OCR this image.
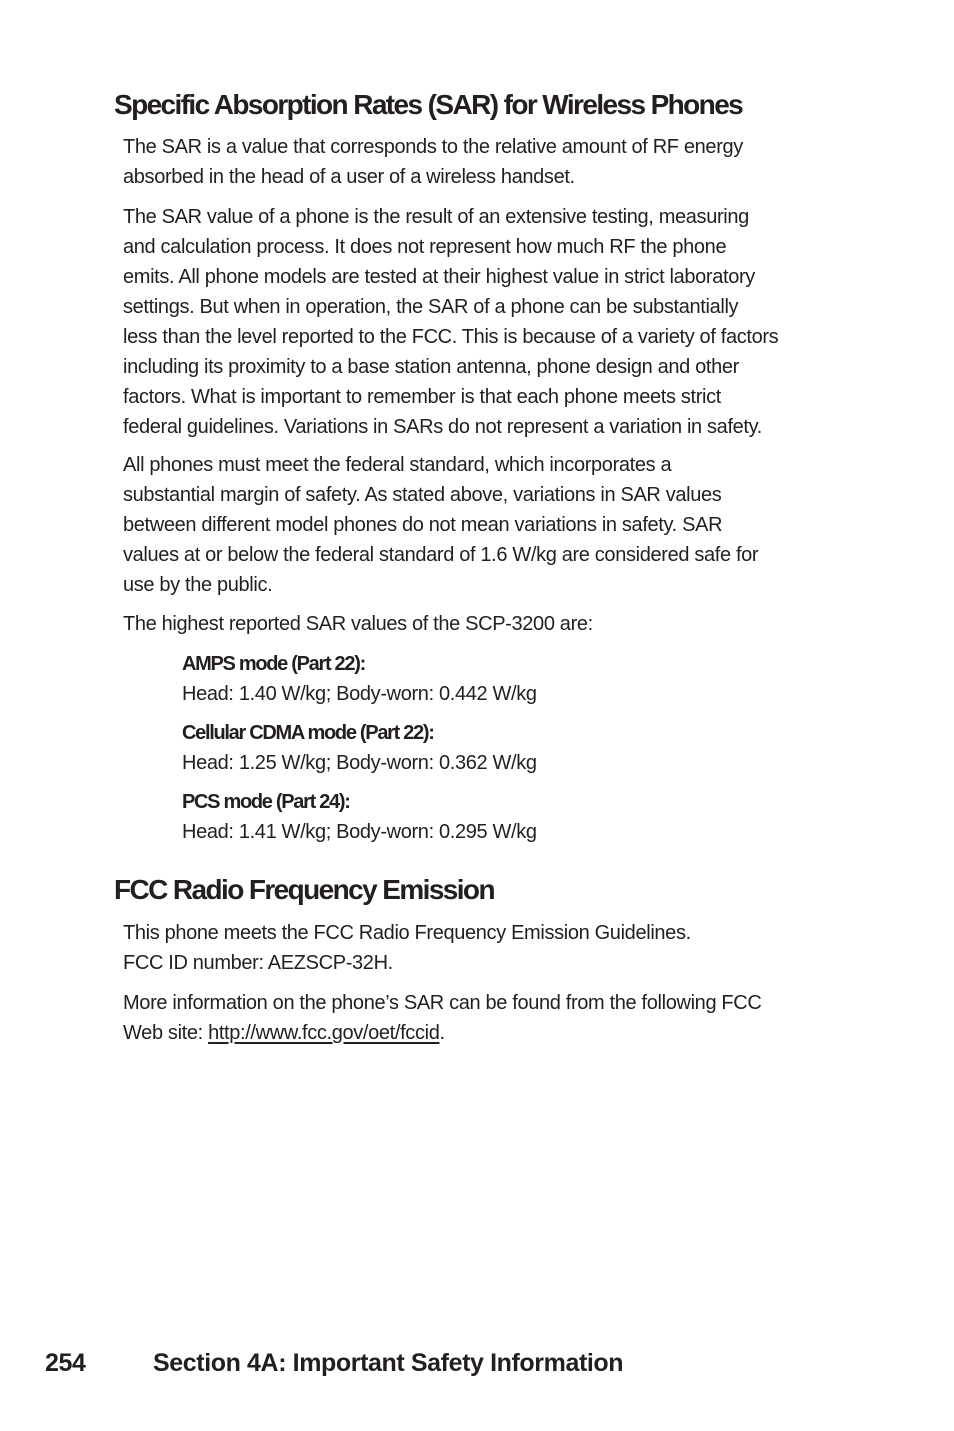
Specific Absorption Rates (SAR) for Wireless Phones

The SAR is a value that corresponds to the relative amount of RF energy
absorbed in the head of a user of a wireless handset.

The SAR value of a phone is the result of an extensive testing, measuring
and calculation process. It does not represent how much RF the phone
emits. All phone models are tested at their highest value in strict laboratory
settings. But when in operation, the SAR of a phone can be substantially
less than the level reported to the FCC. This is because of a variety of factors
including its proximity to a base station antenna, phone design and other
factors. What is important to remember is that each phone meets strict
federal guidelines. Variations in SARs do not represent a variation in safety.

All phones must meet the federal standard, which incorporates a
substantial margin of safety. As stated above, variations in SAR values
between different model phones do not mean variations in safety. SAR
values at or below the federal standard of 1.6 W/kg are considered safe for
use by the public.

The highest reported SAR values of the SCP-3200 are:

AMPS mode (Part 22):
Head: 1.40 W/kg; Body-worn: 0.442 W/kg
Cellular CDMA mode (Part 22):
Head: 1.25 W/kg; Body-worn: 0.362 W/kg
PCS mode (Part 24):
Head: 1.41 W/kg; Body-worn: 0.295 W/kg
FCC Radio Frequency Emission

This phone meets the FCC Radio Frequency Emission Guidelines.
FCC ID number: AEZSCP-32H.

More information on the phone’s SAR can be found from the following FCC
Web site: http://www.fcc.gov/oet/fccid.

254	Section 4A: Important Safety Information
